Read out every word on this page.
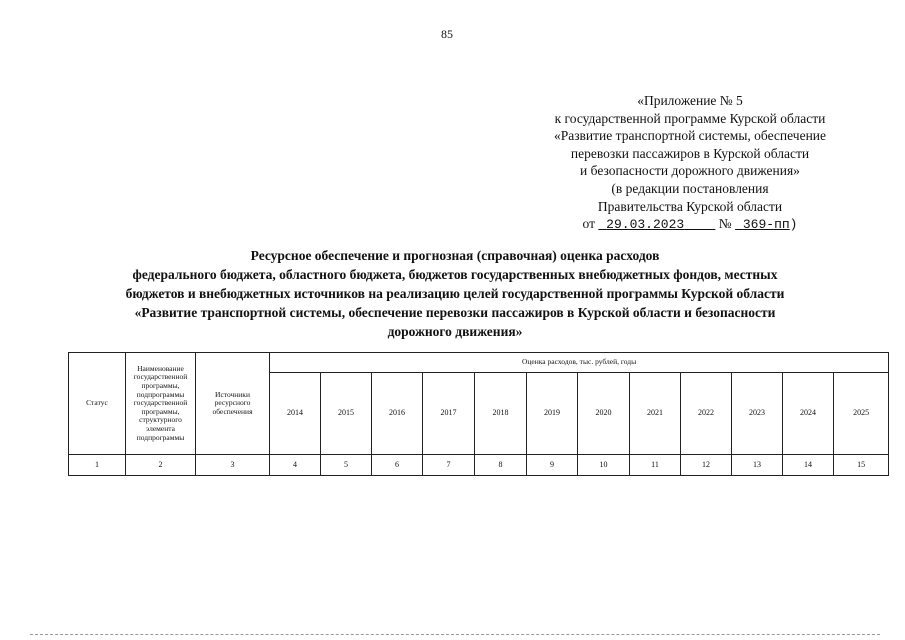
85
«Приложение № 5
к государственной программе Курской области
«Развитие транспортной системы, обеспечение
перевозки пассажиров в Курской области
и безопасности дорожного движения»
(в редакции постановления
Правительства Курской области
от 29.03.2023	№ 369-пп)
Ресурсное обеспечение и прогнозная (справочная) оценка расходов
федерального бюджета, областного бюджета, бюджетов государственных внебюджетных фондов, местных
бюджетов и внебюджетных источников на реализацию целей государственной программы Курской области
«Развитие транспортной системы, обеспечение перевозки пассажиров в Курской области и безопасности
дорожного движения»
Статус	Наименование государственной программы, подпрограммы государственной программы, структурного элемента подпрограммы	Источники ресурсного обеспечения	Оценка расходов, тыс. рублей, годы											
			2014	2015	2016	2017	2018	2019	2020	2021	2022	2023	2024	2025
1	2	3	4	5	6	7	8	9	10	11	12	13	14	15
